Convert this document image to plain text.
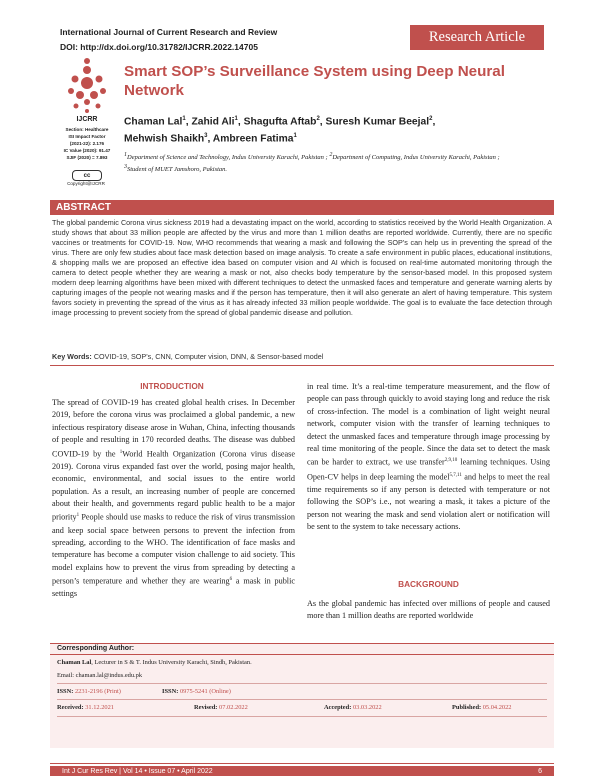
International Journal of Current Research and Review
DOI: http://dx.doi.org/10.31782/IJCRR.2022.14705
Research Article
IJCRR
Section: Healthcare
ISI Impact Factor
(2021-22): 2.176
IC Value (2020): 91.47
SJIF (2020) = 7.893
cc
Copyright@IJCRR
Smart SOP’s Surveillance System using Deep Neural Network
Chaman Lal$^1$, Zahid Ali$^1$, Shagufta Aftab$^2$, Suresh Kumar Beejal$^2$,
Mehwish Shaikh$^3$, Ambreen Fatima$^1$
$^1$Department of Science and Technology, Indus University Karachi, Pakistan ; $^2$Department of Computing, Indus University Karachi, Pakistan ;
$^3$Student of MUET Jamshoro, Pakistan.
ABSTRACT
The global pandemic Corona virus sickness 2019 had a devastating impact on the world, according to statistics received by the World Health Organization. A study shows that about 33 million people are affected by the virus and more than 1 million deaths are reported worldwide. Currently, there are no specific vaccines or treatments for COVID-19. Now, WHO recommends that wearing a mask and following the SOP’s can help us in preventing the spread of the virus. There are only few studies about face mask detection based on image analysis. To create a safe environment in public places, educational institutions, & shopping malls we are proposed an effective idea based on computer vision and AI which is focused on real-time automated monitoring through the camera to detect people whether they are wearing a mask or not, also checks body temperature by the sensor-based model. In this proposed system modern deep learning algorithms have been mixed with different techniques to detect the unmasked faces and temperature and generate warning alerts by capturing images of the people not wearing masks and if the person has temperature, then it will also generate an alert of having temperature. This system favors society in preventing the spread of the virus as it has already infected 33 million people worldwide. The goal is to evaluate the face detection through image processing to prevent society from the spread of global pandemic disease and pollution.
Key Words: COVID-19, SOP’s, CNN, Computer vision, DNN, & Sensor-based model
INTRODUCTION
The spread of COVID-19 has created global health crises. In December 2019, before the corona virus was proclaimed a global pandemic, a new infectious respiratory disease arose in Wuhan, China, infecting thousands of people and resulting in 170 recorded deaths. The disease was dubbed COVID-19 by the $^1$World Health Organization (Corona virus disease 2019). Corona virus expanded fast over the world, posing major health, economic, environmental, and social issues to the entire world population. As a result, an increasing number of people are concerned about their health, and governments regard public health to be a major priority$^1$ People should use masks to reduce the risk of virus transmission and keep social space between persons to prevent the infection from spreading, according to the WHO. The identification of face masks and temperature has become a computer vision challenge to aid society. This model explains how to prevent the virus from spreading by detecting a person’s temperature and whether they are wearing$^6$ a mask in public settings
in real time. It’s a real-time temperature measurement, and the flow of people can pass through quickly to avoid staying long and reduce the risk of cross-infection. The model is a combination of light weight neural network, computer vision with the transfer of learning techniques to detect the unmasked faces and temperature through image processing by real time monitoring of the people. Since the data set to detect the mask can be harder to extract, we use transfer$^{2,9,10}$ learning techniques. Using Open-CV helps in deep learning the model$^{5,7,11}$ and helps to meet the real time requirements so if any person is detected with temperature or not following the SOP’s i.e., not wearing a mask, it takes a picture of the person not wearing the mask and send violation alert or notification will be sent to the system to take necessary actions.
BACKGROUND
As the global pandemic has infected over millions of people and caused more than 1 million deaths are reported worldwide
Corresponding Author:
Chaman Lal, Lecturer in S & T. Indus University Karachi, Sindh, Pakistan.
Email: chaman.lal@indus.edu.pk
ISSN: 2231-2196 (Print)	ISSN: 0975-5241 (Online)
Received: 31.12.2021	Revised: 07.02.2022	Accepted: 03.03.2022	Published: 05.04.2022
Int J Cur Res Rev | Vol 14 • Issue 07 • April 2022	6
